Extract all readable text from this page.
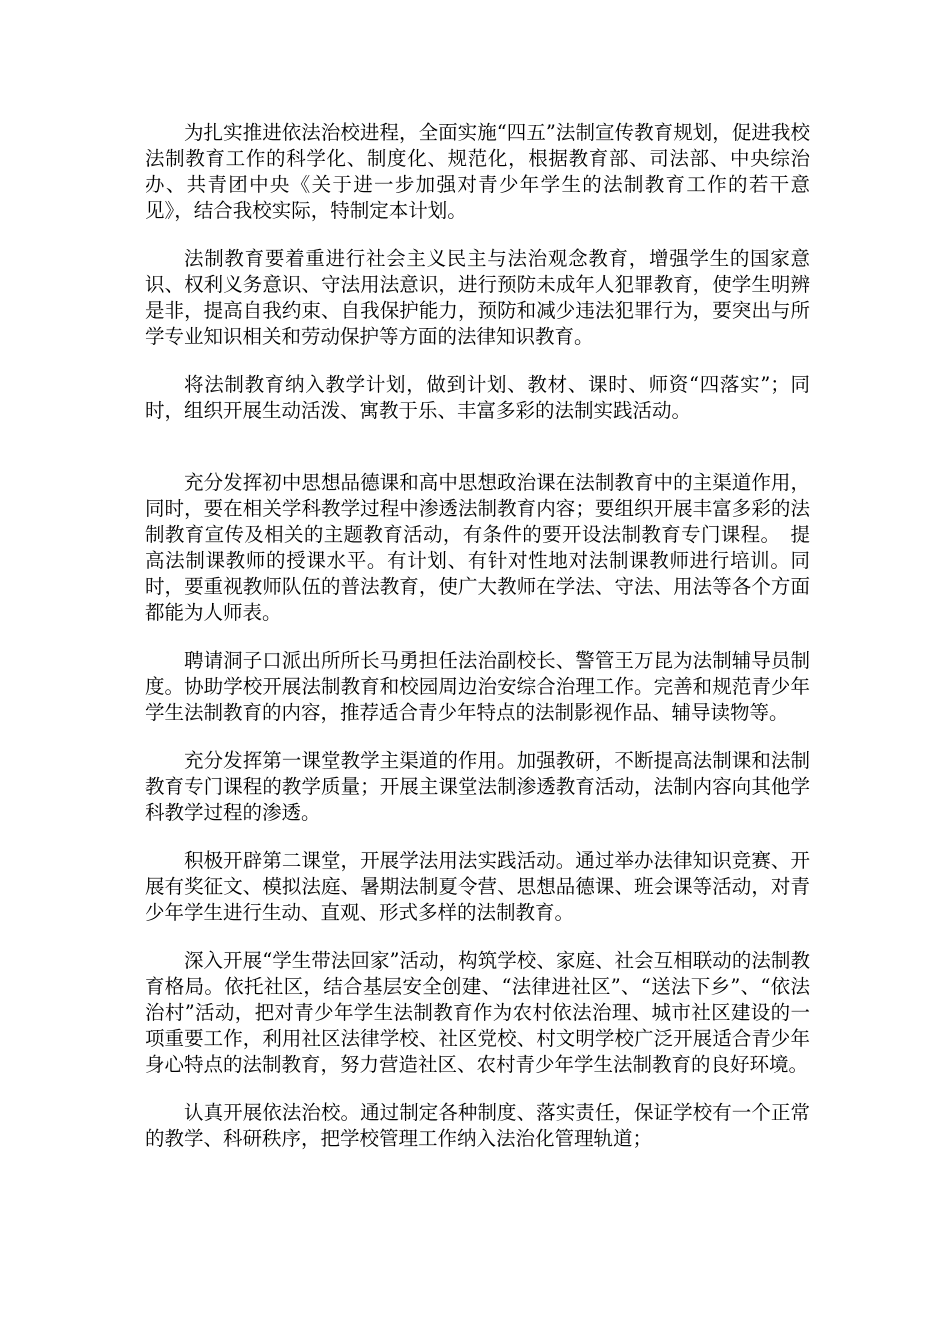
为扎实推进依法治校进程，全面实施“四五”法制宣传教育规划，促进我校法制教育工作的科学化、制度化、规范化，根据教育部、司法部、中央综治办、共青团中央《关于进一步加强对青少年学生的法制教育工作的若干意见》，结合我校实际，特制定本计划。

法制教育要着重进行社会主义民主与法治观念教育，增强学生的国家意识、权利义务意识、守法用法意识，进行预防未成年人犯罪教育，使学生明辨是非，提高自我约束、自我保护能力，预防和减少违法犯罪行为，要突出与所学专业知识相关和劳动保护等方面的法律知识教育。

将法制教育纳入教学计划，做到计划、教材、课时、师资“四落实”；同时，组织开展生动活泼、寓教于乐、丰富多彩的法制实践活动。

充分发挥初中思想品德课和高中思想政治课在法制教育中的主渠道作用，同时，要在相关学科教学过程中渗透法制教育内容；要组织开展丰富多彩的法制教育宣传及相关的主题教育活动，有条件的要开设法制教育专门课程。　提高法制课教师的授课水平。有计划、有针对性地对法制课教师进行培训。同时，要重视教师队伍的普法教育，使广大教师在学法、守法、用法等各个方面都能为人师表。

聘请洞子口派出所所长马勇担任法治副校长、警管王万昆为法制辅导员制度。协助学校开展法制教育和校园周边治安综合治理工作。完善和规范青少年学生法制教育的内容，推荐适合青少年特点的法制影视作品、辅导读物等。

充分发挥第一课堂教学主渠道的作用。加强教研，不断提高法制课和法制教育专门课程的教学质量；开展主课堂法制渗透教育活动，法制内容向其他学科教学过程的渗透。

积极开辟第二课堂，开展学法用法实践活动。通过举办法律知识竞赛、开展有奖征文、模拟法庭、暑期法制夏令营、思想品德课、班会课等活动，对青少年学生进行生动、直观、形式多样的法制教育。

深入开展“学生带法回家”活动，构筑学校、家庭、社会互相联动的法制教育格局。依托社区，结合基层安全创建、“法律进社区”、“送法下乡”、“依法治村”活动，把对青少年学生法制教育作为农村依法治理、城市社区建设的一项重要工作，利用社区法律学校、社区党校、村文明学校广泛开展适合青少年身心特点的法制教育，努力营造社区、农村青少年学生法制教育的良好环境。

认真开展依法治校。通过制定各种制度、落实责任，保证学校有一个正常的教学、科研秩序，把学校管理工作纳入法治化管理轨道；
